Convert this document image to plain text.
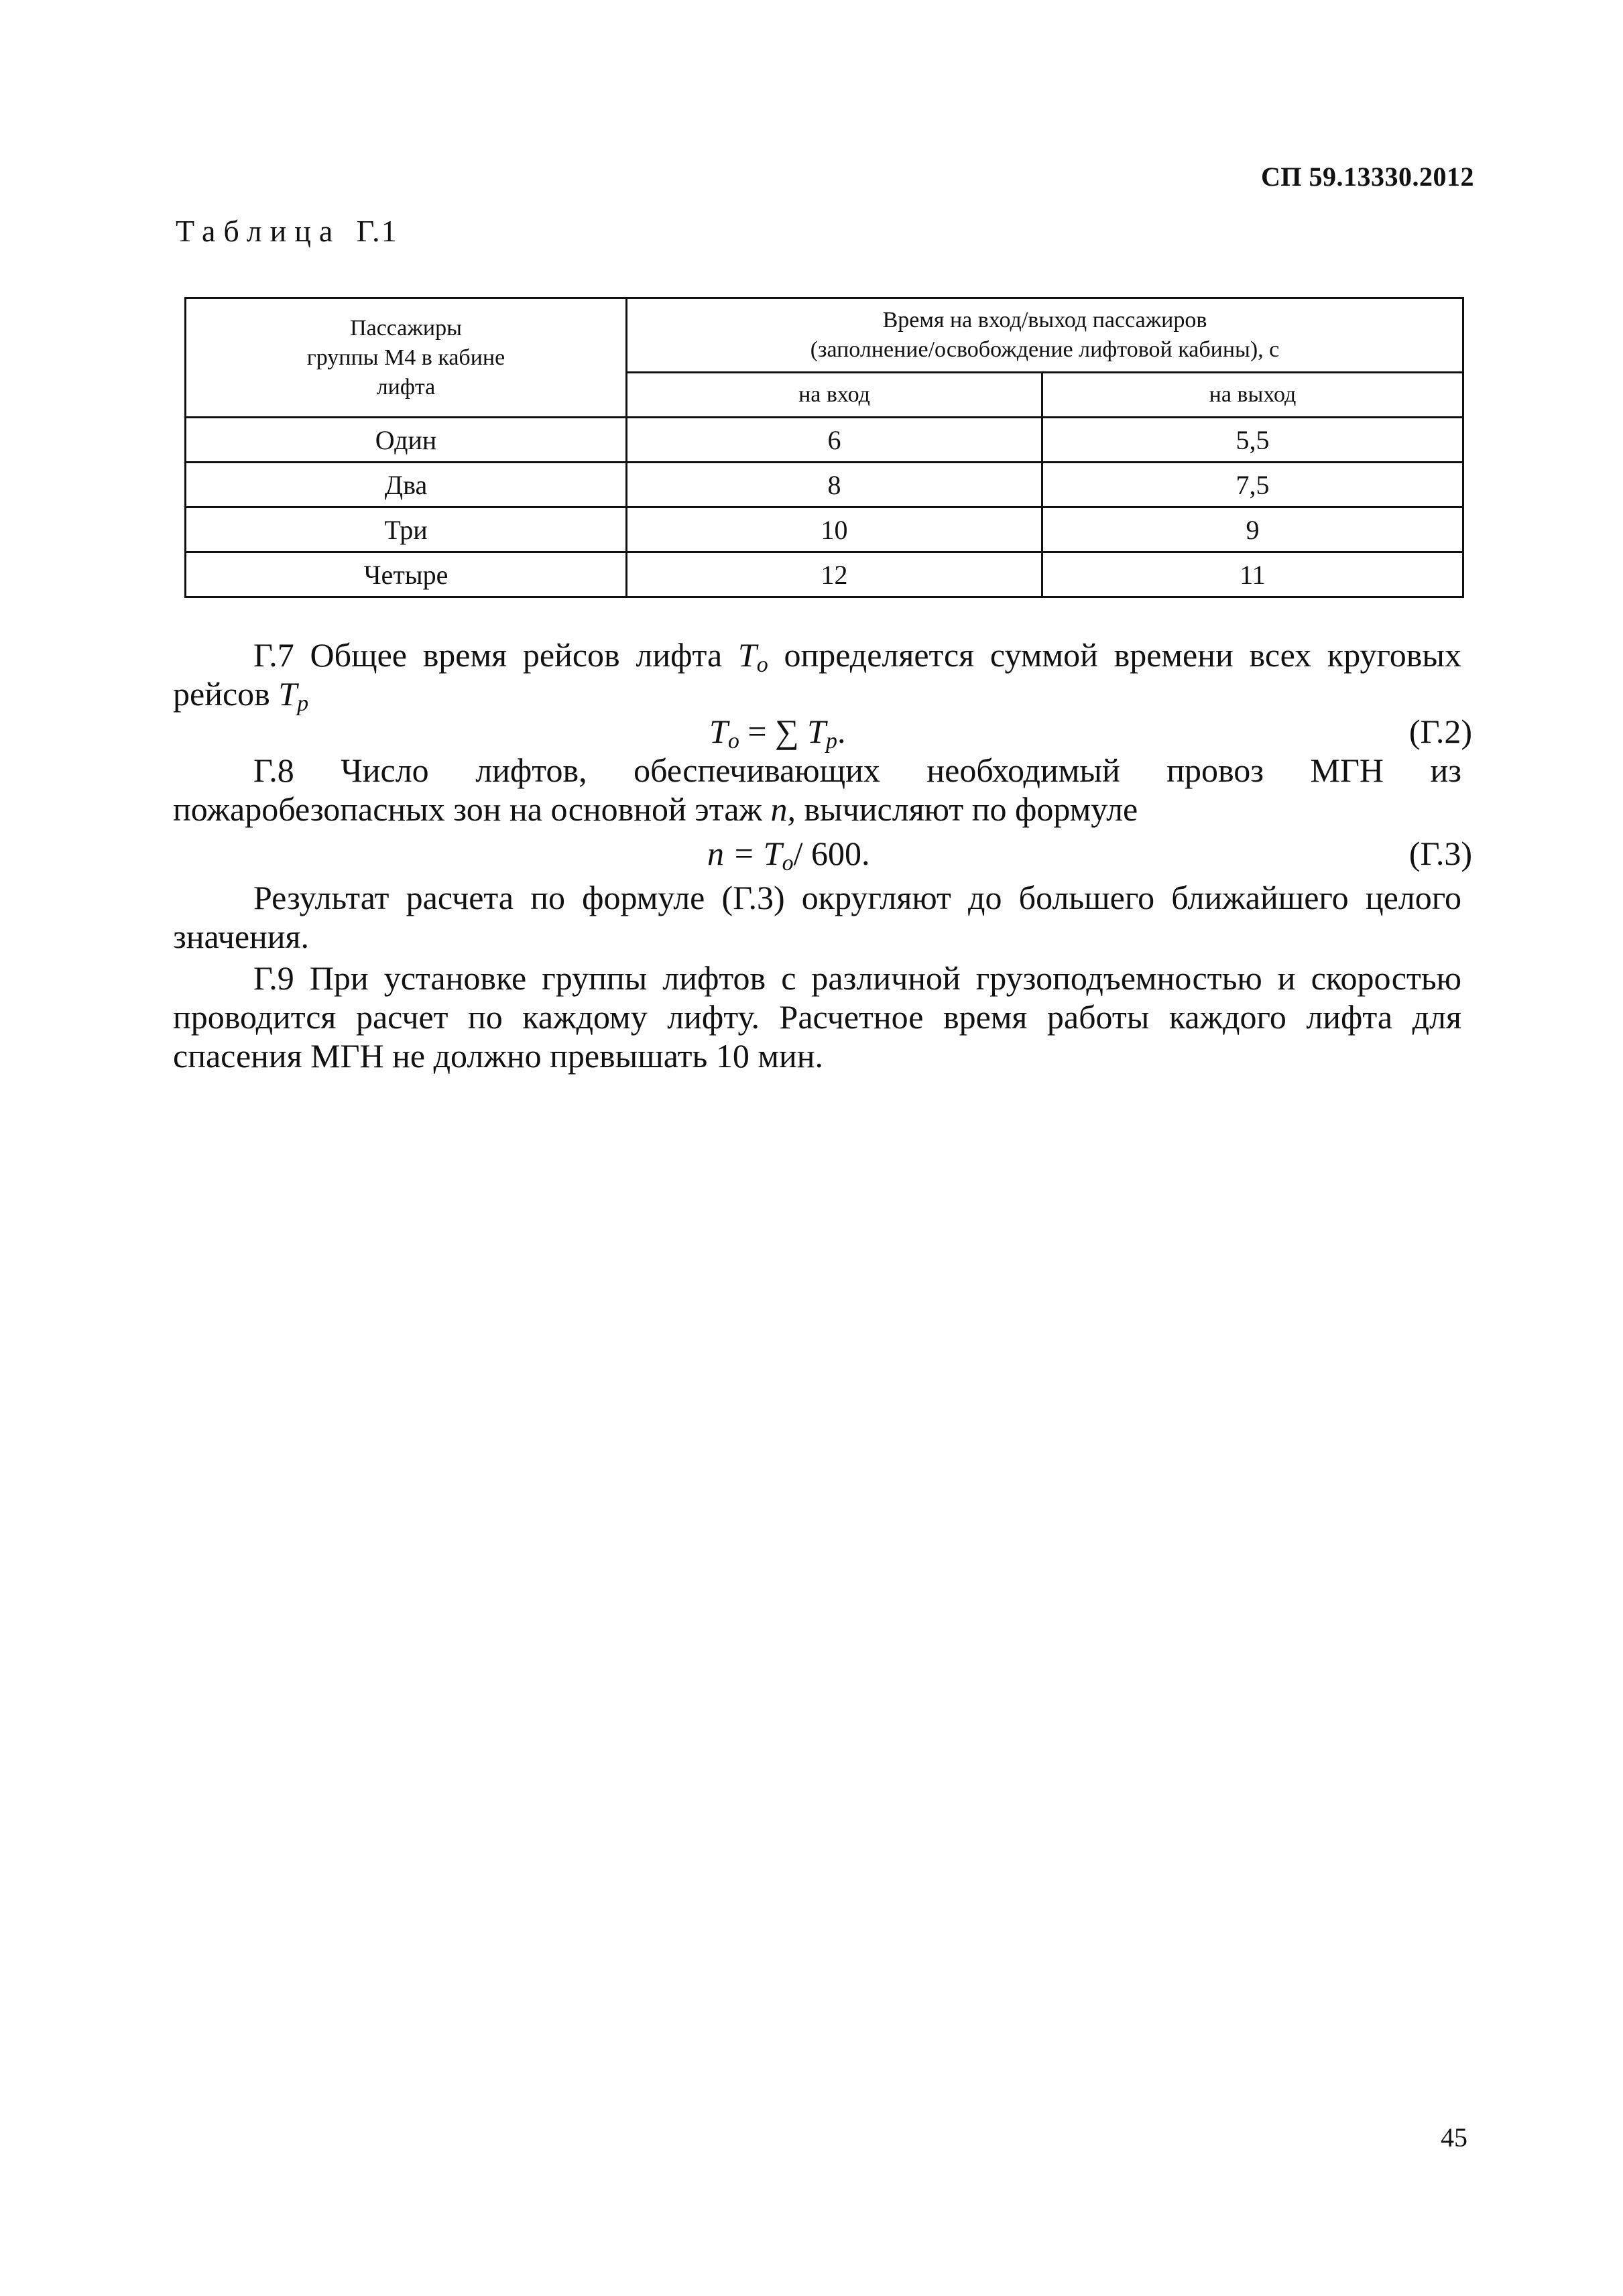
СП 59.13330.2012
Таблица Г.1
Пассажиры
группы М4 в кабине
лифта	Время на вход/выход пассажиров
(заполнение/освобождение лифтовой кабины), с	

	на вход	на выход
Один	6	5,5
Два	8	7,5
Три	10	9
Четыре	12	11
Г.7 Общее время рейсов лифта $T_о$ определяется суммой времени всех круговых
рейсов $T_р$
$T_о$ = ∑ $T_р$.	(Г.2)
Г.8 Число лифтов, обеспечивающих необходимый провоз МГН из
пожаробезопасных зон на основной этаж n, вычисляют по формуле
$n = T_о/$ 600.	(Г.3)
Результат расчета по формуле (Г.3) округляют до большего ближайшего целого
значения.
Г.9 При установке группы лифтов с различной грузоподъемностью и скоростью
проводится расчет по каждому лифту. Расчетное время работы каждого лифта для
спасения МГН не должно превышать 10 мин.
45
